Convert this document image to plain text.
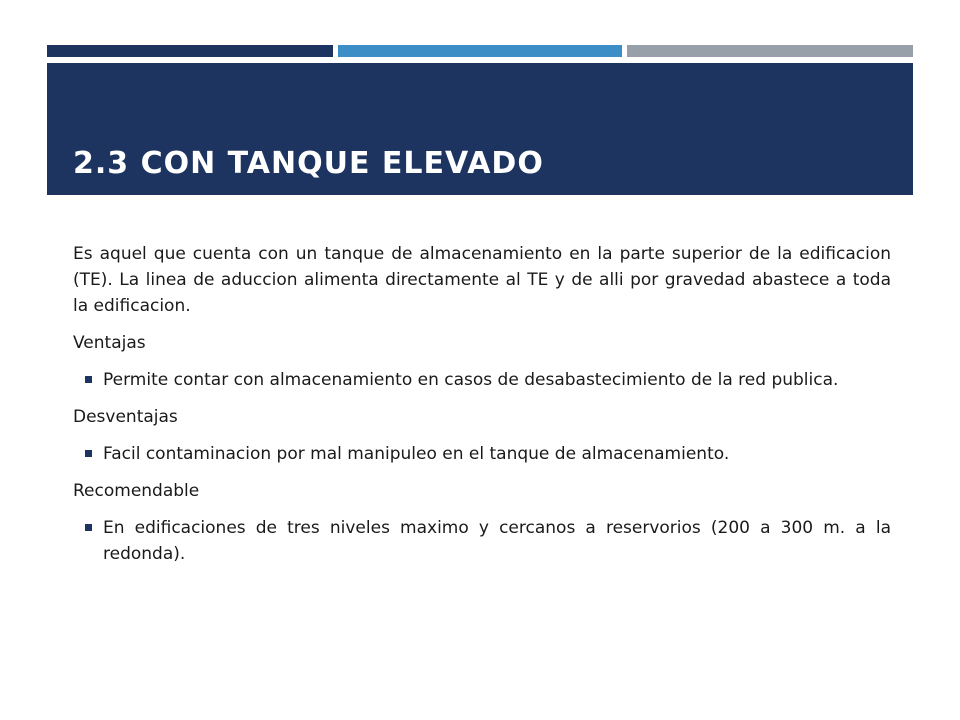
2.3 CON TANQUE ELEVADO

Es aquel que cuenta con un tanque de almacenamiento en la parte superior de la edificacion (TE). La linea de aduccion alimenta directamente al TE y de alli por gravedad abastece a toda la edificacion.

Ventajas

Permite contar con almacenamiento en casos de desabastecimiento de la red publica.

Desventajas

Facil contaminacion por mal manipuleo en el tanque de almacenamiento.

Recomendable

En edificaciones de tres niveles maximo y cercanos a reservorios (200 a 300 m. a la redonda).
